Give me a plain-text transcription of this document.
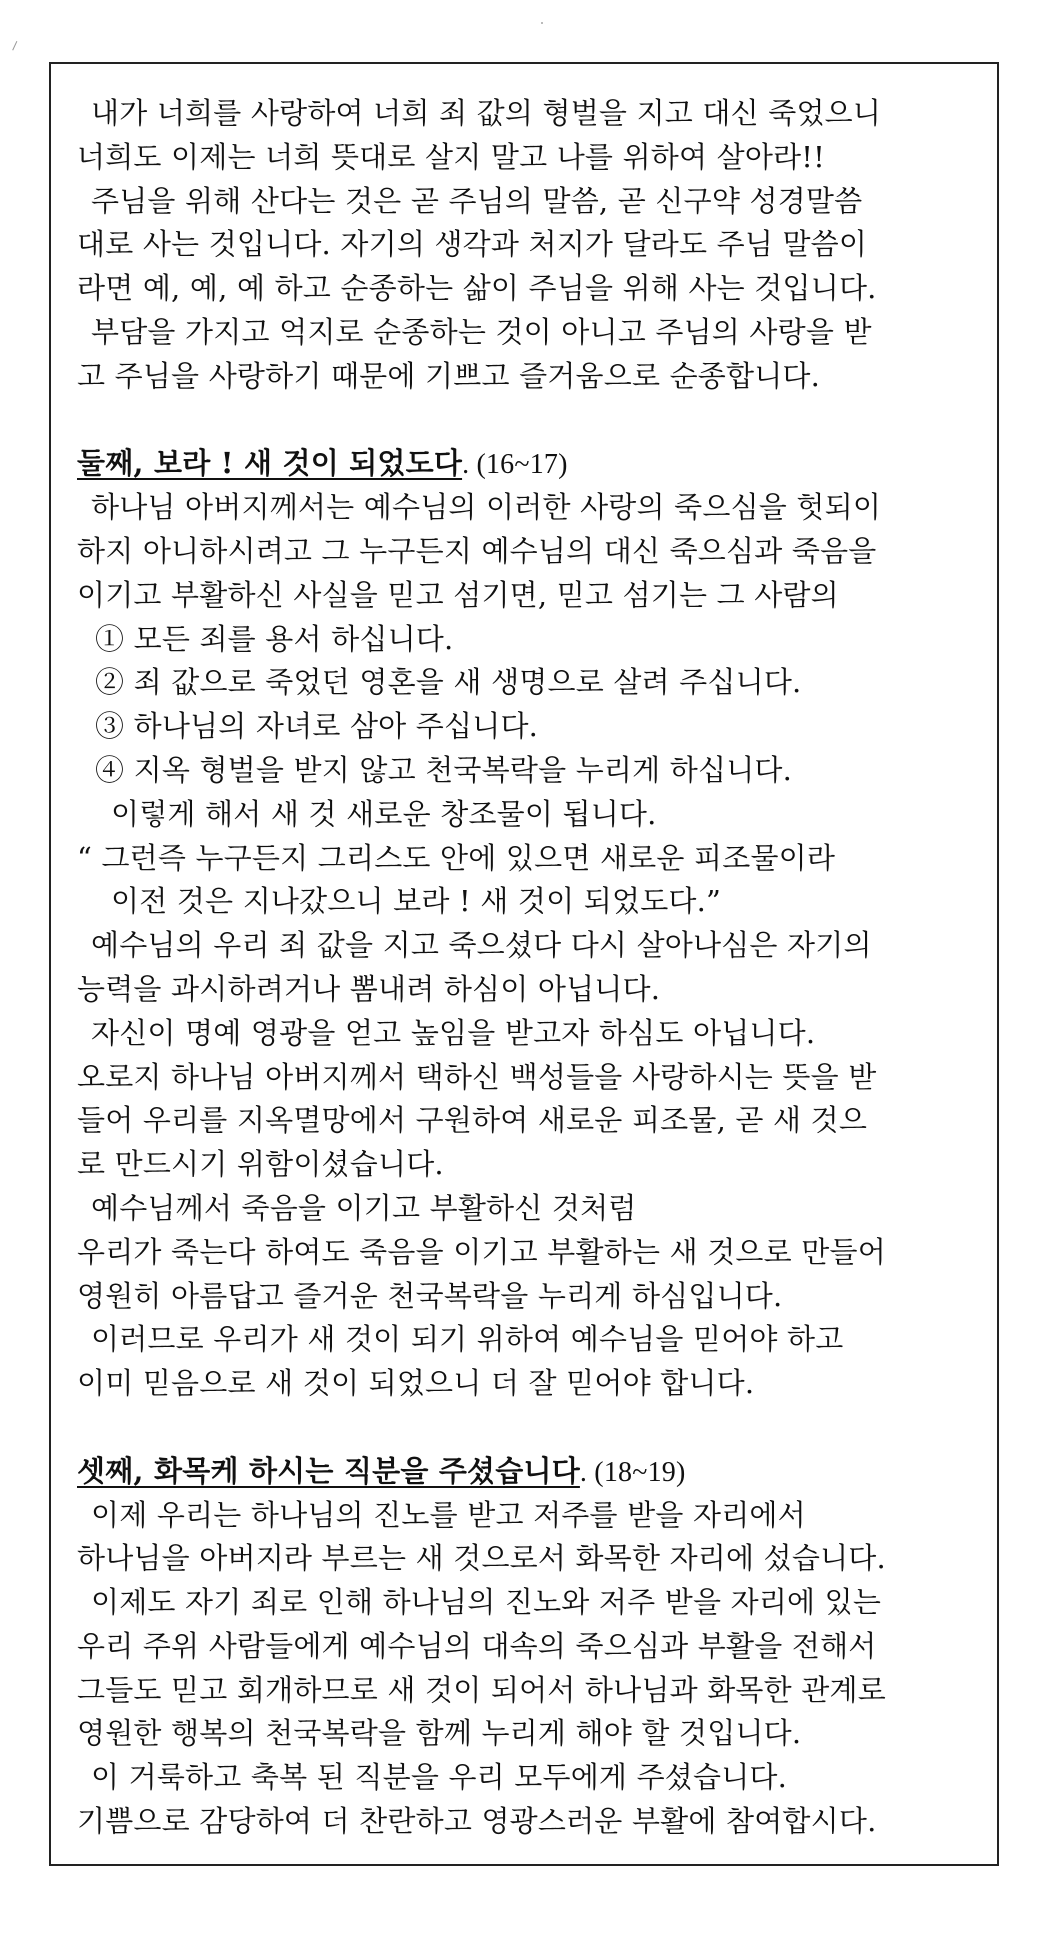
내가 너희를 사랑하여 너희 죄 값의 형벌을 지고 대신 죽었으니
너희도 이제는 너희 뜻대로 살지 말고 나를 위하여 살아라!!
주님을 위해 산다는 것은 곧 주님의 말씀, 곧 신구약 성경말씀
대로 사는 것입니다. 자기의 생각과 처지가 달라도 주님 말씀이
라면 예, 예, 예 하고 순종하는 삶이 주님을 위해 사는 것입니다.
부담을 가지고 억지로 순종하는 것이 아니고 주님의 사랑을 받
고 주님을 사랑하기 때문에 기쁘고 즐거움으로 순종합니다.
둘째, 보라 ! 새 것이 되었도다. (16~17)
하나님 아버지께서는 예수님의 이러한 사랑의 죽으심을 헛되이
하지 아니하시려고 그 누구든지 예수님의 대신 죽으심과 죽음을
이기고 부활하신 사실을 믿고 섬기면, 믿고 섬기는 그 사람의
① 모든 죄를 용서 하십니다.
② 죄 값으로 죽었던 영혼을 새 생명으로 살려 주십니다.
③ 하나님의 자녀로 삼아 주십니다.
④ 지옥 형벌을 받지 않고 천국복락을 누리게 하십니다.
이렇게 해서 새 것 새로운 창조물이 됩니다.
“ 그런즉 누구든지 그리스도 안에 있으면 새로운 피조물이라
이전 것은 지나갔으니 보라 ! 새 것이 되었도다.”
예수님의 우리 죄 값을 지고 죽으셨다 다시 살아나심은 자기의
능력을 과시하려거나 뽐내려 하심이 아닙니다.
자신이 명예 영광을 얻고 높임을 받고자 하심도 아닙니다.
오로지 하나님 아버지께서 택하신 백성들을 사랑하시는 뜻을 받
들어 우리를 지옥멸망에서 구원하여 새로운 피조물, 곧 새 것으
로 만드시기 위함이셨습니다.
예수님께서 죽음을 이기고 부활하신 것처럼
우리가 죽는다 하여도 죽음을 이기고 부활하는 새 것으로 만들어
영원히 아름답고 즐거운 천국복락을 누리게 하심입니다.
이러므로 우리가 새 것이 되기 위하여 예수님을 믿어야 하고
이미 믿음으로 새 것이 되었으니 더 잘 믿어야 합니다.
셋째, 화목케 하시는 직분을 주셨습니다. (18~19)
이제 우리는 하나님의 진노를 받고 저주를 받을 자리에서
하나님을 아버지라 부르는 새 것으로서 화목한 자리에 섰습니다.
이제도 자기 죄로 인해 하나님의 진노와 저주 받을 자리에 있는
우리 주위 사람들에게 예수님의 대속의 죽으심과 부활을 전해서
그들도 믿고 회개하므로 새 것이 되어서 하나님과 화목한 관계로
영원한 행복의 천국복락을 함께 누리게 해야 할 것입니다.
이 거룩하고 축복 된 직분을 우리 모두에게 주셨습니다.
기쁨으로 감당하여 더 찬란하고 영광스러운 부활에 참여합시다.
